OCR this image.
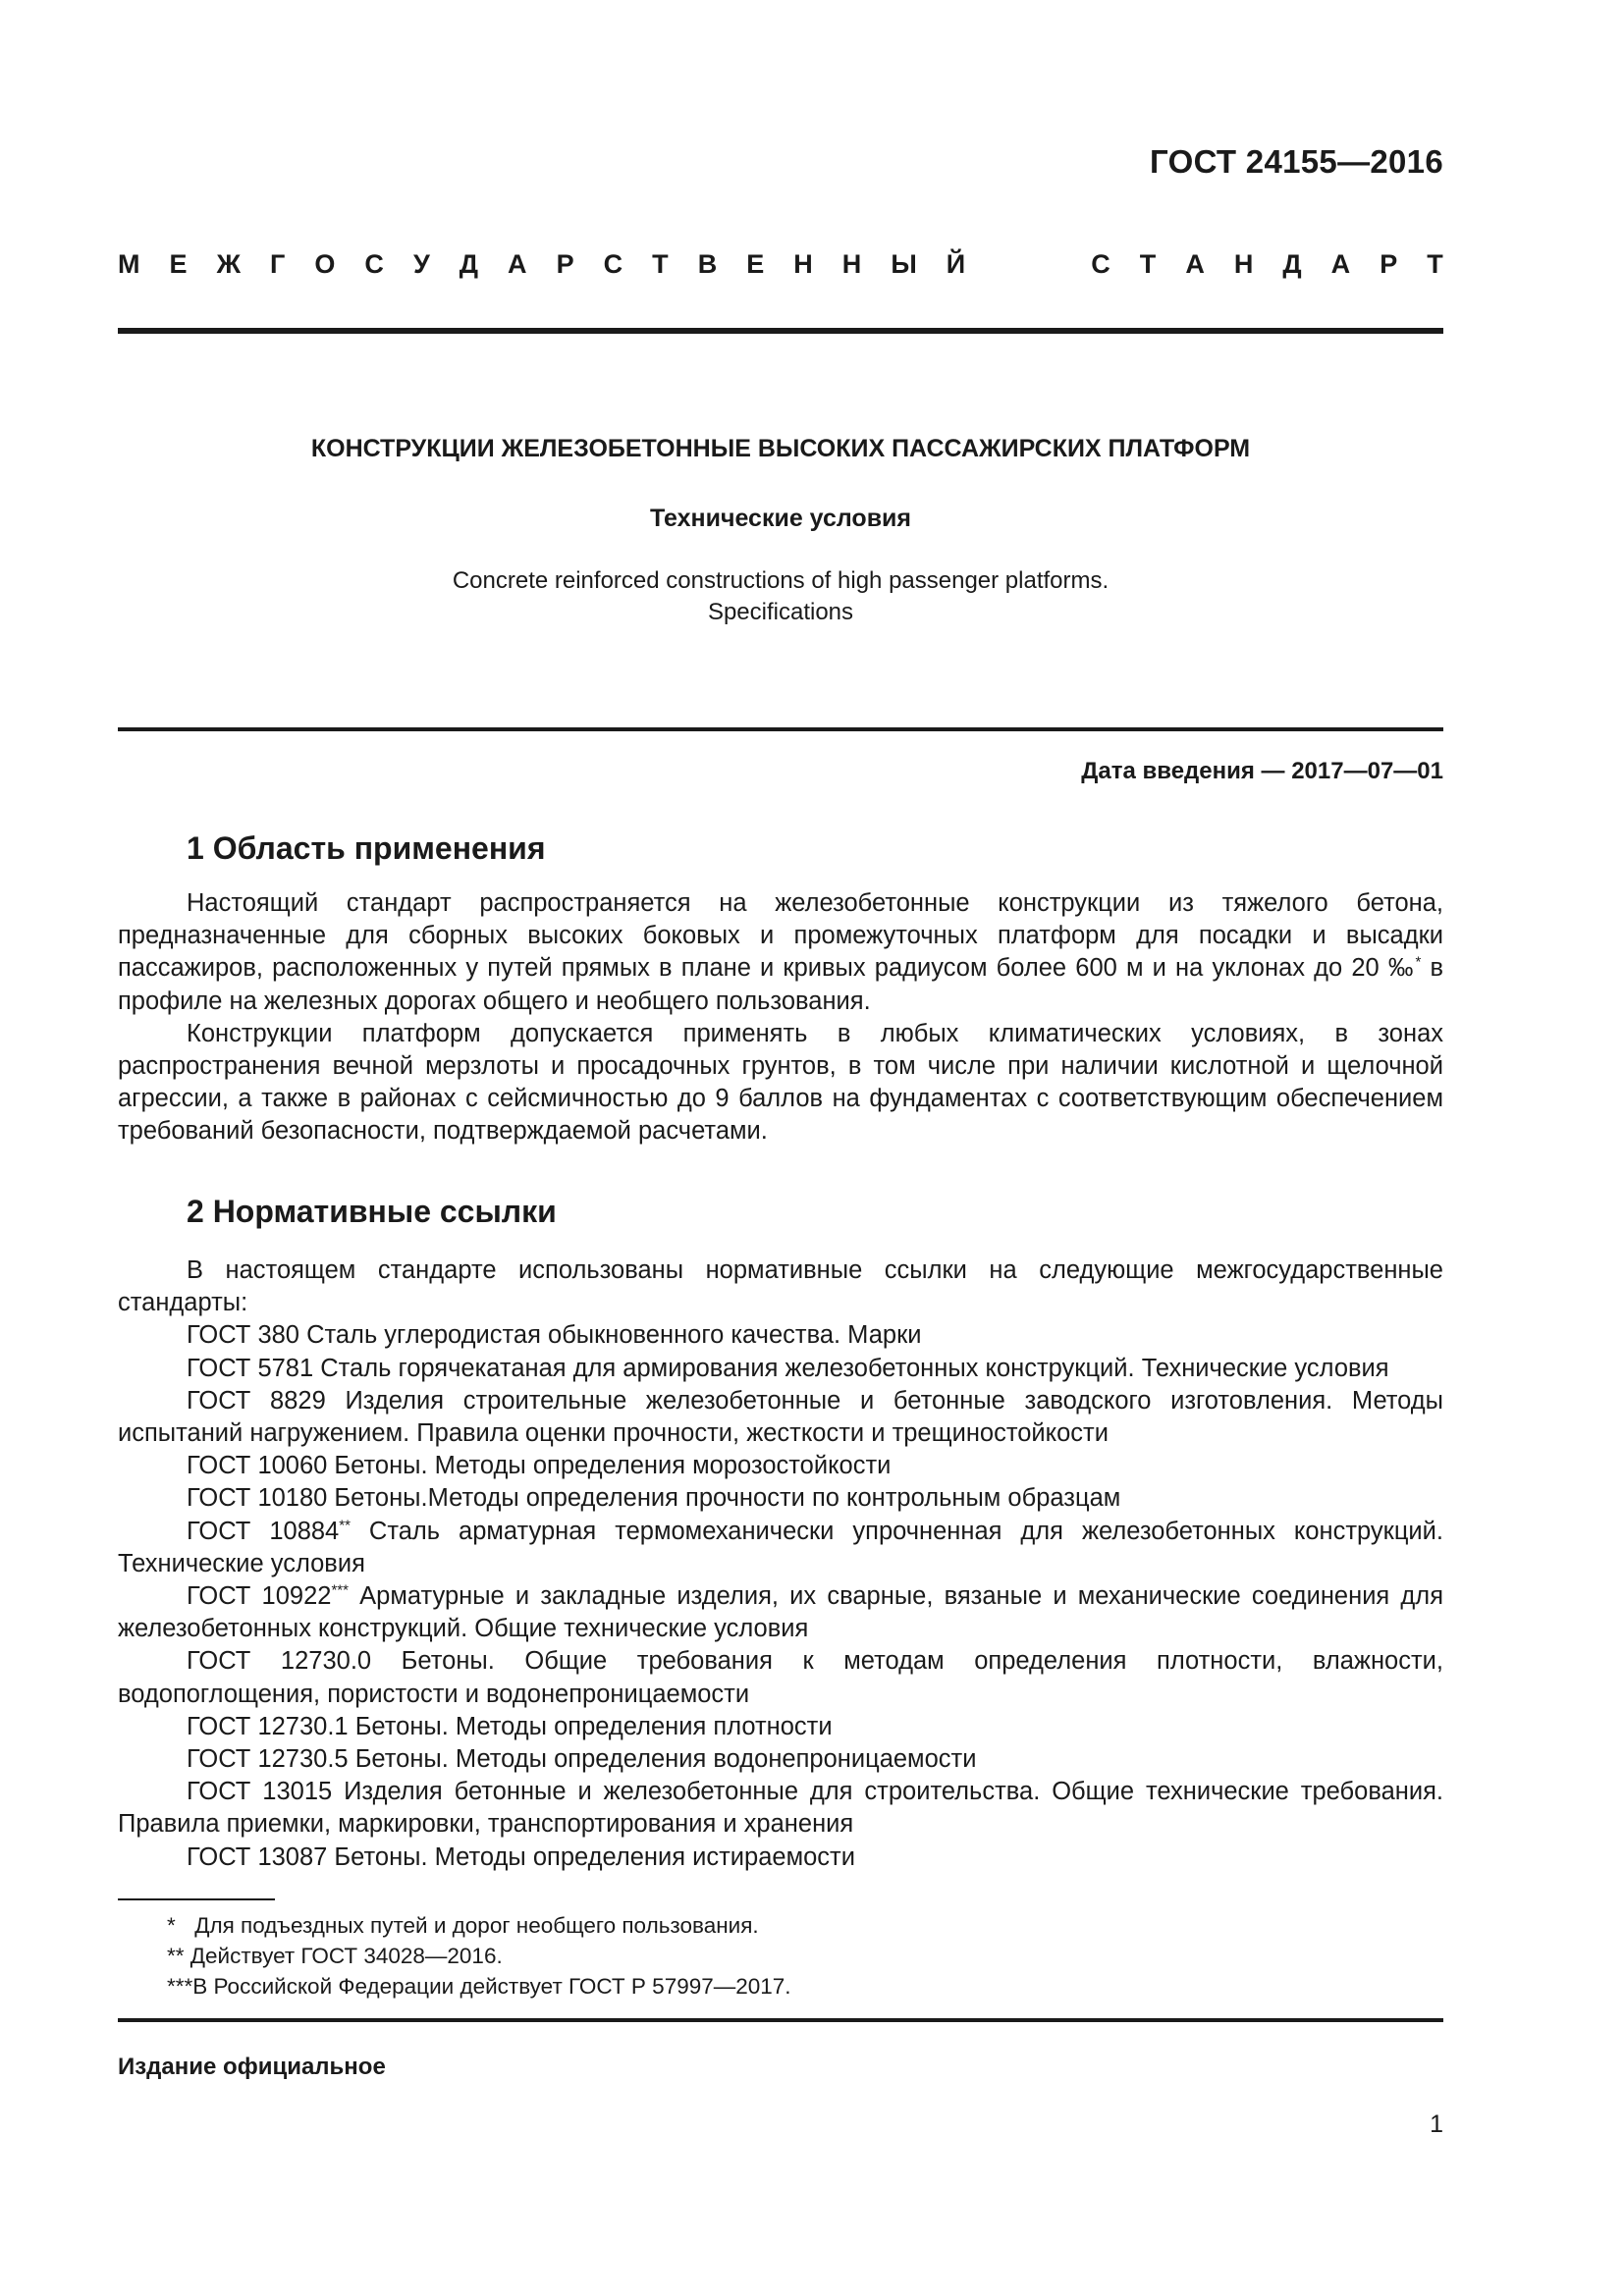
ГОСТ 24155—2016
М Е Ж Г О С У Д А Р С Т В Е Н Н Ы Й	С Т А Н Д А Р Т
КОНСТРУКЦИИ ЖЕЛЕЗОБЕТОННЫЕ ВЫСОКИХ ПАССАЖИРСКИХ ПЛАТФОРМ
Технические условия
Concrete reinforced constructions of high passenger platforms.
Specifications
Дата введения — 2017—07—01
1 Область применения

Настоящий стандарт распространяется на железобетонные конструкции из тяжелого бетона, предназначенные для сборных высоких боковых и промежуточных платформ для посадки и высадки пассажиров, расположенных у путей прямых в плане и кривых радиусом более 600 м и на уклонах до 20 ‰* в профиле на железных дорогах общего и необщего пользования.

Конструкции платформ допускается применять в любых климатических условиях, в зонах распространения вечной мерзлоты и просадочных грунтов, в том числе при наличии кислотной и щелочной агрессии, а также в районах с сейсмичностью до 9 баллов на фундаментах с соответствующим обеспечением требований безопасности, подтверждаемой расчетами.

2 Нормативные ссылки

В настоящем стандарте использованы нормативные ссылки на следующие межгосударственные стандарты:

ГОСТ 380 Сталь углеродистая обыкновенного качества. Марки

ГОСТ 5781 Сталь горячекатаная для армирования железобетонных конструкций. Технические условия

ГОСТ 8829 Изделия строительные железобетонные и бетонные заводского изготовления. Методы испытаний нагружением. Правила оценки прочности, жесткости и трещиностойкости

ГОСТ 10060 Бетоны. Методы определения морозостойкости

ГОСТ 10180 Бетоны.Методы определения прочности по контрольным образцам

ГОСТ 10884** Сталь арматурная термомеханически упрочненная для железобетонных конструкций. Технические условия

ГОСТ 10922*** Арматурные и закладные изделия, их сварные, вязаные и механические соединения для железобетонных конструкций. Общие технические условия

ГОСТ 12730.0 Бетоны. Общие требования к методам определения плотности, влажности, водопоглощения, пористости и водонепроницаемости

ГОСТ 12730.1 Бетоны. Методы определения плотности

ГОСТ 12730.5 Бетоны. Методы определения водонепроницаемости

ГОСТ 13015 Изделия бетонные и железобетонные для строительства. Общие технические требования. Правила приемки, маркировки, транспортирования и хранения

ГОСТ 13087 Бетоны. Методы определения истираемости

* Для подъездных путей и дорог необщего пользования.
** Действует ГОСТ 34028—2016.
***В Российской Федерации действует ГОСТ Р 57997—2017.
Издание официальное
1
